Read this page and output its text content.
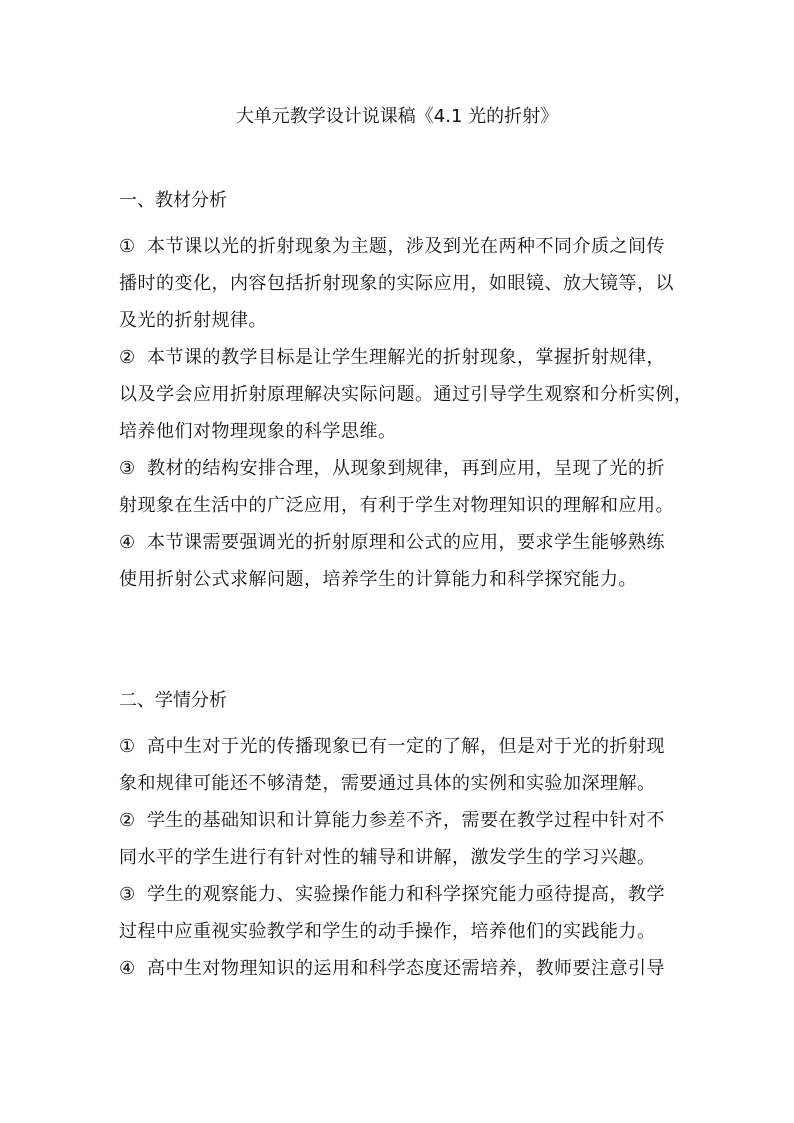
大单元教学设计说课稿《4.1 光的折射》
一、教材分析
① 本节课以光的折射现象为主题，涉及到光在两种不同介质之间传
播时的变化，内容包括折射现象的实际应用，如眼镜、放大镜等，以
及光的折射规律。
② 本节课的教学目标是让学生理解光的折射现象，掌握折射规律，
以及学会应用折射原理解决实际问题。通过引导学生观察和分析实例，
培养他们对物理现象的科学思维。
③ 教材的结构安排合理，从现象到规律，再到应用，呈现了光的折
射现象在生活中的广泛应用，有利于学生对物理知识的理解和应用。
④ 本节课需要强调光的折射原理和公式的应用，要求学生能够熟练
使用折射公式求解问题，培养学生的计算能力和科学探究能力。
二、学情分析
① 高中生对于光的传播现象已有一定的了解，但是对于光的折射现
象和规律可能还不够清楚，需要通过具体的实例和实验加深理解。
② 学生的基础知识和计算能力参差不齐，需要在教学过程中针对不
同水平的学生进行有针对性的辅导和讲解，激发学生的学习兴趣。
③ 学生的观察能力、实验操作能力和科学探究能力亟待提高，教学
过程中应重视实验教学和学生的动手操作，培养他们的实践能力。
④ 高中生对物理知识的运用和科学态度还需培养，教师要注意引导
